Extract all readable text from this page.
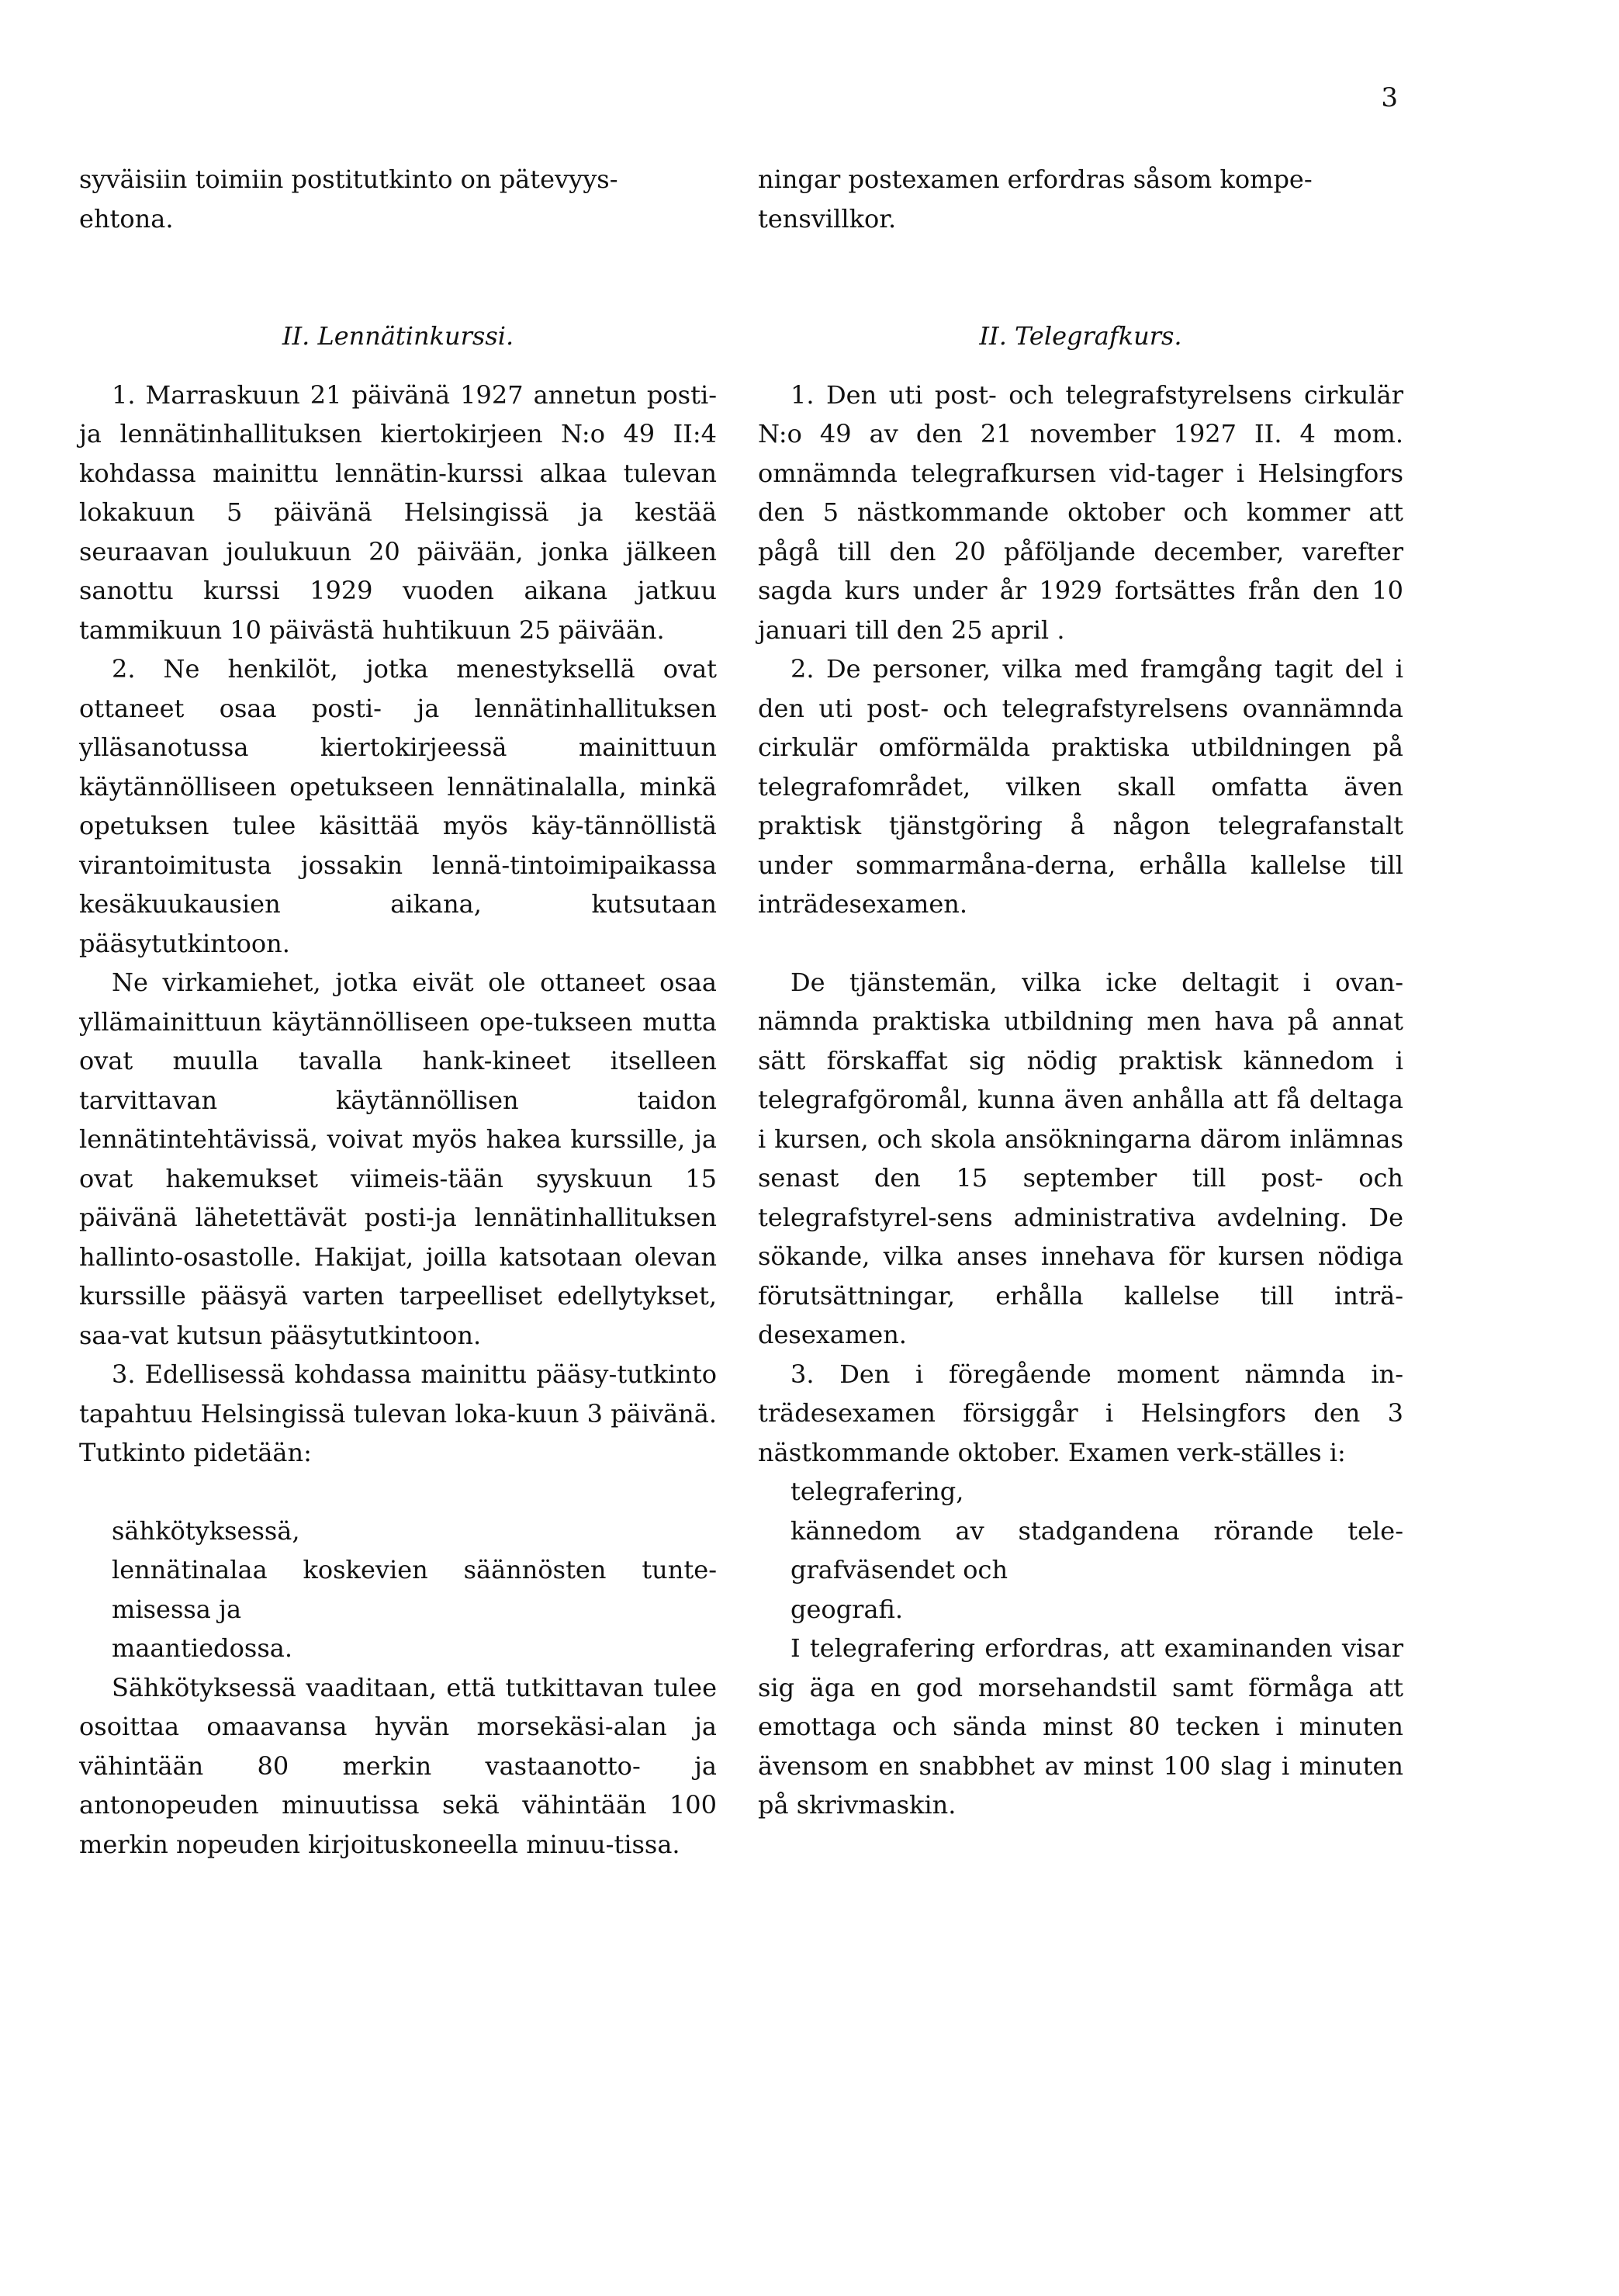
3

syväisiin toimiin postitutkinto on pätevyys-
ehtona.

II. Lennätinkurssi.

1. Marraskuun 21 päivänä 1927 annetun posti- ja lennätinhallituksen kiertokirjeen N:o 49 II:4 kohdassa mainittu lennätin-kurssi alkaa tulevan lokakuun 5 päivänä Helsingissä ja kestää seuraavan joulukuun 20 päivään, jonka jälkeen sanottu kurssi 1929 vuoden aikana jatkuu tammikuun 10 päivästä huhtikuun 25 päivään.

2. Ne henkilöt, jotka menestyksellä ovat ottaneet osaa posti- ja lennätinhallituksen ylläsanotussa kiertokirjeessä mainittuun käytännölliseen opetukseen lennätinalalla, minkä opetuksen tulee käsittää myös käy-tännöllistä virantoimitusta jossakin lennä-tintoimipaikassa kesäkuukausien aikana, kutsutaan pääsytutkintoon.

Ne virkamiehet, jotka eivät ole ottaneet osaa yllämainittuun käytännölliseen ope-tukseen mutta ovat muulla tavalla hank-kineet itselleen tarvittavan käytännöllisen taidon lennätintehtävissä, voivat myös hakea kurssille, ja ovat hakemukset viimeis-tään syyskuun 15 päivänä lähetettävät posti-ja lennätinhallituksen hallinto-osastolle. Hakijat, joilla katsotaan olevan kurssille pääsyä varten tarpeelliset edellytykset, saa-vat kutsun pääsytutkintoon.

3. Edellisessä kohdassa mainittu pääsy-tutkinto tapahtuu Helsingissä tulevan loka-kuun 3 päivänä. Tutkinto pidetään:

sähkötyksessä,

lennätinalaa koskevien säännösten tunte-misessa ja

maantiedossa.

Sähkötyksessä vaaditaan, että tutkittavan tulee osoittaa omaavansa hyvän morsekäsi-alan ja vähintään 80 merkin vastaanotto- ja antonopeuden minuutissa sekä vähintään 100 merkin nopeuden kirjoituskoneella minuu-tissa.

ningar postexamen erfordras såsom kompe-
tensvillkor.

II. Telegrafkurs.

1. Den uti post- och telegrafstyrelsens cirkulär N:o 49 av den 21 november 1927 II. 4 mom. omnämnda telegrafkursen vid-tager i Helsingfors den 5 nästkommande oktober och kommer att pågå till den 20 påföljande december, varefter sagda kurs under år 1929 fortsättes från den 10 januari till den 25 april .

2. De personer, vilka med framgång tagit del i den uti post- och telegrafstyrelsens ovannämnda cirkulär omförmälda praktiska utbildningen på telegrafområdet, vilken skall omfatta även praktisk tjänstgöring å någon telegrafanstalt under sommarmåna-derna, erhålla kallelse till inträdesexamen.

De tjänstemän, vilka icke deltagit i ovan-nämnda praktiska utbildning men hava på annat sätt förskaffat sig nödig praktisk kännedom i telegrafgöromål, kunna även anhålla att få deltaga i kursen, och skola ansökningarna därom inlämnas senast den 15 september till post- och telegrafstyrel-sens administrativa avdelning. De sökande, vilka anses innehava för kursen nödiga förutsättningar, erhålla kallelse till inträ-desexamen.

3. Den i föregående moment nämnda in-trädesexamen försiggår i Helsingfors den 3 nästkommande oktober. Examen verk-ställes i:

telegrafering,

kännedom av stadgandena rörande tele-grafväsendet och

geografi.

I telegrafering erfordras, att examinanden visar sig äga en god morsehandstil samt förmåga att emottaga och sända minst 80 tecken i minuten ävensom en snabbhet av minst 100 slag i minuten på skrivmaskin.
